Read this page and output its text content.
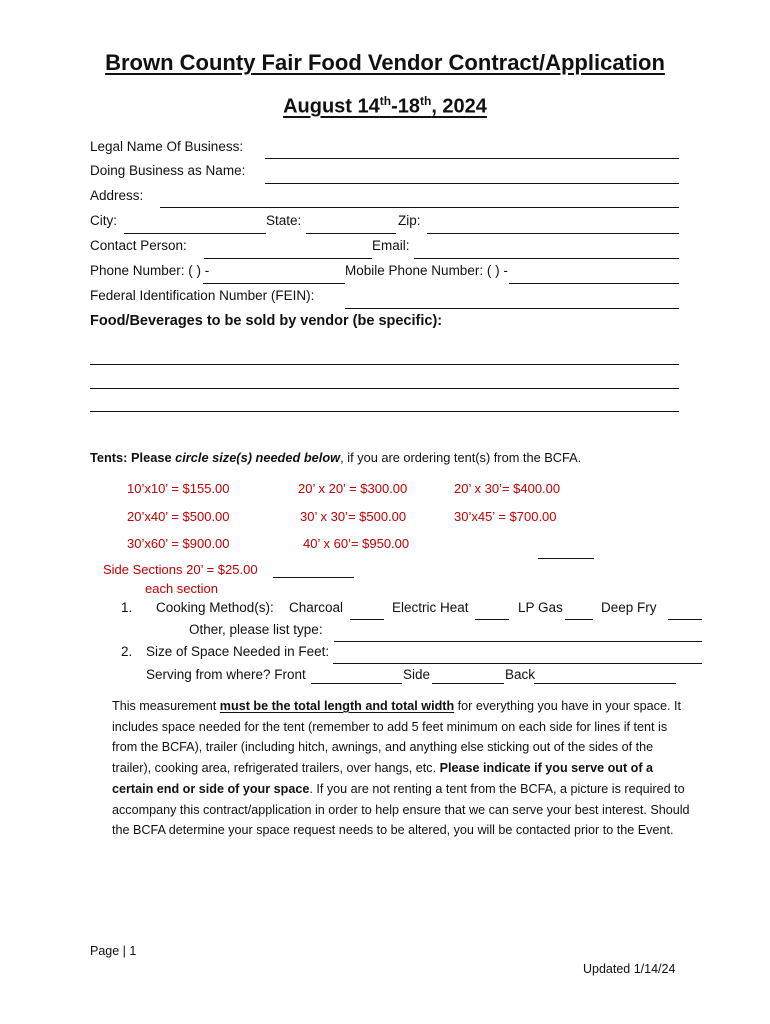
Brown County Fair Food Vendor Contract/Application
August 14th-18th, 2024
Legal Name Of Business:
Doing Business as Name:
Address:
City:	State:	Zip:
Contact Person:	Email:
Phone Number: ( ) -	Mobile Phone Number: ( ) -
Federal Identification Number (FEIN):
Food/Beverages to be sold by vendor (be specific):
Tents: Please circle size(s) needed below, if you are ordering tent(s) from the BCFA.
10’x10’ = $155.00	20’ x 20’ = $300.00	20’ x 30’= $400.00
20’x40’ = $500.00	30’ x 30’= $500.00	30’x45’ = $700.00
30’x60’ = $900.00	40’ x 60’= $950.00
Side Sections 20’ = $25.00
each section
1. Cooking Method(s): Charcoal	Electric Heat	LP Gas	Deep Fry
Other, please list type:
2. Size of Space Needed in Feet:
Serving from where? Front	Side	Back
This measurement must be the total length and total width for everything you have in your space. It includes space needed for the tent (remember to add 5 feet minimum on each side for lines if tent is from the BCFA), trailer (including hitch, awnings, and anything else sticking out of the sides of the trailer), cooking area, refrigerated trailers, over hangs, etc. Please indicate if you serve out of a certain end or side of your space. If you are not renting a tent from the BCFA, a picture is required to accompany this contract/application in order to help ensure that we can serve your best interest. Should the BCFA determine your space request needs to be altered, you will be contacted prior to the Event.
Page | 1
Updated 1/14/24
